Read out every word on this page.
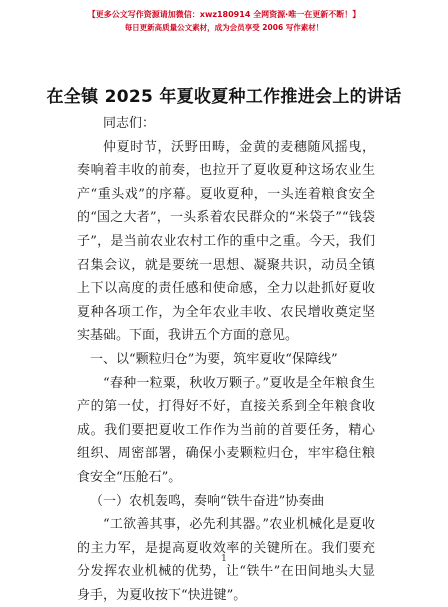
【更多公文写作资源请加微信：xwz180914 全网资源·唯一在更新不断！】
每日更新高质量公文素材，成为会员享受 2006 写作素材！
在全镇 2025 年夏收夏种工作推进会上的讲话

同志们：

仲夏时节，沃野田畴，金黄的麦穗随风摇曳，奏响着丰收的前奏，也拉开了夏收夏种这场农业生产“重头戏”的序幕。夏收夏种，一头连着粮食安全的“国之大者”，一头系着农民群众的“米袋子”“钱袋子”，是当前农业农村工作的重中之重。今天，我们召集会议，就是要统一思想、凝聚共识，动员全镇上下以高度的责任感和使命感，全力以赴抓好夏收夏种各项工作，为全年农业丰收、农民增收奠定坚实基础。下面，我讲五个方面的意见。

一、以“颗粒归仓”为要，筑牢夏收“保障线”

“春种一粒粟，秋收万颗子。”夏收是全年粮食生产的第一仗，打得好不好，直接关系到全年粮食收成。我们要把夏收工作作为当前的首要任务，精心组织、周密部署，确保小麦颗粒归仓，牢牢稳住粮食安全“压舱石”。

（一）农机轰鸣，奏响“铁牛奋进”协奏曲

“工欲善其事，必先利其器。”农业机械化是夏收的主力军，是提高夏收效率的关键所在。我们要充分发挥农业机械的优势，让“铁牛”在田间地头大显身手，为夏收按下“快进键”。

1
